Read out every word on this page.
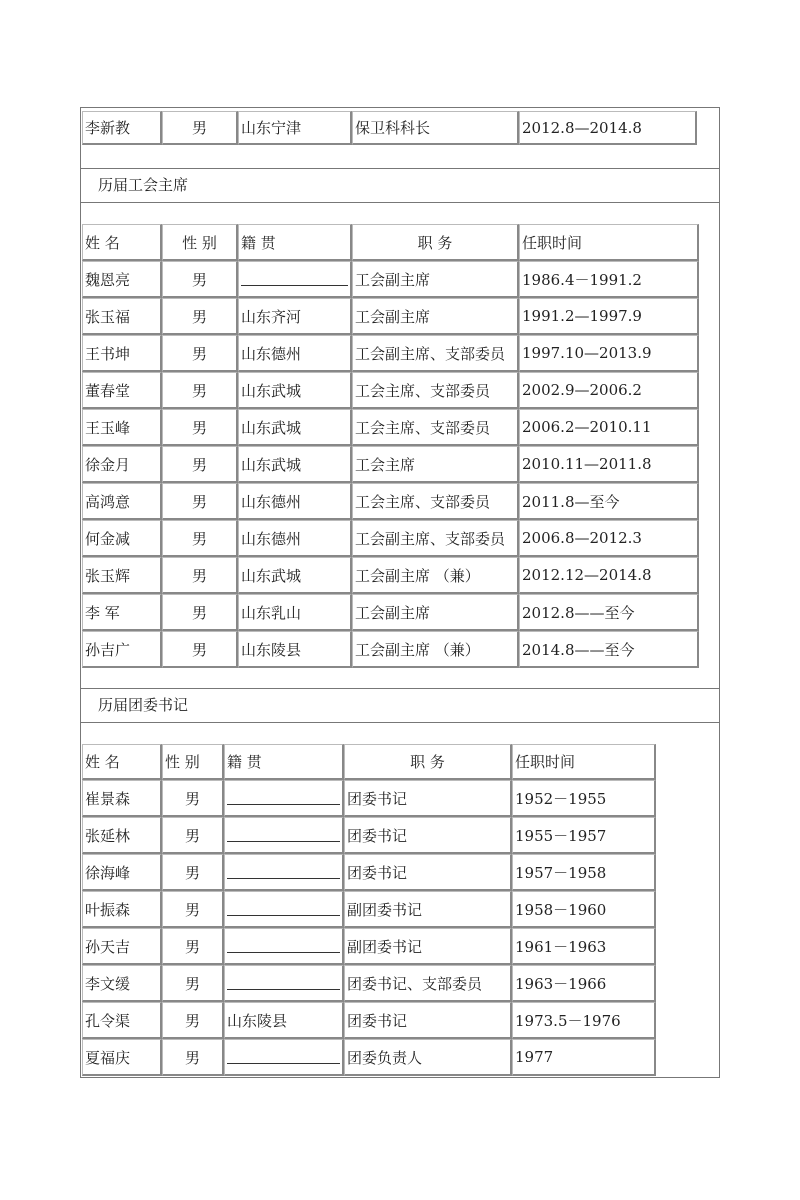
李新教	男	山东宁津	保卫科科长	2012.8—2014.8
历届工会主席
姓 名	性 别	籍 贯	职 务	任职时间
魏恩亮	男		工会副主席	1986.4－1991.2
张玉福	男	山东齐河	工会副主席	1991.2—1997.9
王书坤	男	山东德州	工会副主席、支部委员	1997.10—2013.9
董春堂	男	山东武城	工会主席、支部委员	2002.9—2006.2
王玉峰	男	山东武城	工会主席、支部委员	2006.2—2010.11
徐金月	男	山东武城	工会主席	2010.11—2011.8
高鸿意	男	山东德州	工会主席、支部委员	2011.8—至今
何金减	男	山东德州	工会副主席、支部委员	2006.8—2012.3
张玉辉	男	山东武城	工会副主席 （兼）	2012.12—2014.8
李 军	男	山东乳山	工会副主席	2012.8——至今
孙吉广	男	山东陵县	工会副主席 （兼）	2014.8——至今
历届团委书记
姓 名	性 别	籍 贯	职 务	任职时间
崔景森	男		团委书记	1952－1955
张延林	男		团委书记	1955－1957
徐海峰	男		团委书记	1957－1958
叶振森	男		副团委书记	1958－1960
孙天吉	男		副团委书记	1961－1963
李文缓	男		团委书记、支部委员	1963－1966
孔令渠	男	山东陵县	团委书记	1973.5－1976
夏福庆	男		团委负责人	1977
